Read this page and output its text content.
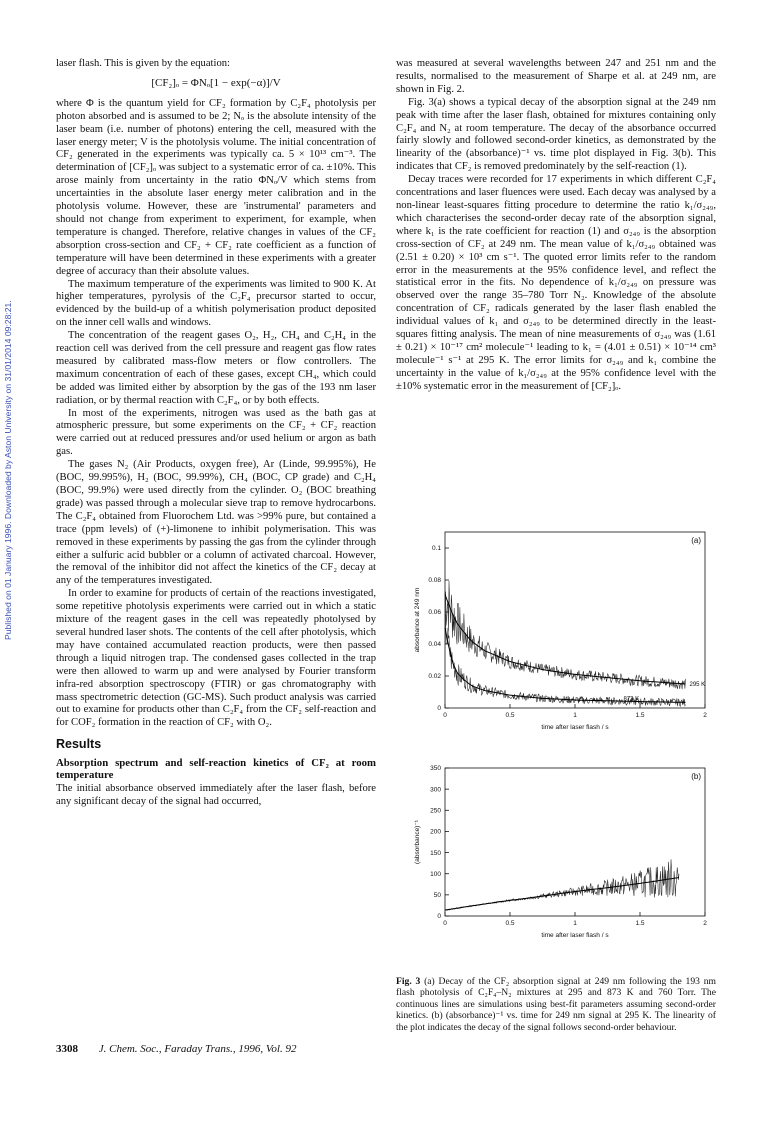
Published on 01 January 1996. Downloaded by Aston University on 31/01/2014 09:28:21.

laser flash. This is given by the equation:

[CF₂]ₒ = ΦNₒ[1 − exp(−α)]/V

where Φ is the quantum yield for CF₂ formation by C₂F₄ photolysis per photon absorbed and is assumed to be 2; Nₒ is the absolute intensity of the laser beam (i.e. number of photons) entering the cell, measured with the laser energy meter; V is the photolysis volume. The initial concentration of CF₂ generated in the experiments was typically ca. 5 × 10¹³ cm⁻³. The determination of [CF₂]ₒ was subject to a systematic error of ca. ±10%. This arose mainly from uncertainty in the ratio ΦNₒ/V which stems from uncertainties in the absolute laser energy meter calibration and in the photolysis volume. However, these are 'instrumental' parameters and should not change from experiment to experiment, for example, when temperature is changed. Therefore, relative changes in values of the CF₂ absorption cross-section and CF₂ + CF₂ rate coefficient as a function of temperature will have been determined in these experiments with a greater degree of accuracy than their absolute values.

The maximum temperature of the experiments was limited to 900 K. At higher temperatures, pyrolysis of the C₂F₄ precursor started to occur, evidenced by the build-up of a whitish polymerisation product deposited on the inner cell walls and windows.

The concentration of the reagent gases O₂, H₂, CH₄ and C₂H₄ in the reaction cell was derived from the cell pressure and reagent gas flow rates measured by calibrated mass-flow meters or flow controllers. The maximum concentration of each of these gases, except CH₄, which could be added was limited either by absorption by the gas of the 193 nm laser radiation, or by thermal reaction with C₂F₄, or by both effects.

In most of the experiments, nitrogen was used as the bath gas at atmospheric pressure, but some experiments on the CF₂ + CF₂ reaction were carried out at reduced pressures and/or used helium or argon as bath gas.

The gases N₂ (Air Products, oxygen free), Ar (Linde, 99.995%), He (BOC, 99.995%), H₂ (BOC, 99.99%), CH₄ (BOC, CP grade) and C₂H₄ (BOC, 99.9%) were used directly from the cylinder. O₂ (BOC breathing grade) was passed through a molecular sieve trap to remove hydrocarbons. The C₂F₄ obtained from Fluorochem Ltd. was >99% pure, but contained a trace (ppm levels) of (+)-limonene to inhibit polymerisation. This was removed in these experiments by passing the gas from the cylinder through either a sulfuric acid bubbler or a column of activated charcoal. However, the removal of the inhibitor did not affect the kinetics of the CF₂ decay at any of the temperatures investigated.

In order to examine for products of certain of the reactions investigated, some repetitive photolysis experiments were carried out in which a static mixture of the reagent gases in the cell was repeatedly photolysed by several hundred laser shots. The contents of the cell after photolysis, which may have contained accumulated reaction products, were then passed through a liquid nitrogen trap. The condensed gases collected in the trap were then allowed to warm up and were analysed by Fourier transform infra-red absorption spectroscopy (FTIR) or gas chromatography with mass spectrometric detection (GC-MS). Such product analysis was carried out to examine for products other than C₂F₄ from the CF₂ self-reaction and for COF₂ formation in the reaction of CF₂ with O₂.

Results
Absorption spectrum and self-reaction kinetics of CF₂ at room temperature

The initial absorbance observed immediately after the laser flash, before any significant decay of the signal had occurred,

was measured at several wavelengths between 247 and 251 nm and the results, normalised to the measurement of Sharpe et al. at 249 nm, are shown in Fig. 2.

Fig. 3(a) shows a typical decay of the absorption signal at the 249 nm peak with time after the laser flash, obtained for mixtures containing only C₂F₄ and N₂ at room temperature. The decay of the absorbance occurred fairly slowly and followed second-order kinetics, as demonstrated by the linearity of the (absorbance)⁻¹ vs. time plot displayed in Fig. 3(b). This indicates that CF₂ is removed predominately by the self-reaction (1).

Decay traces were recorded for 17 experiments in which different C₂F₄ concentrations and laser fluences were used. Each decay was analysed by a non-linear least-squares fitting procedure to determine the ratio k₁/σ₂₄₉, which characterises the second-order decay rate of the absorption signal, where k₁ is the rate coefficient for reaction (1) and σ₂₄₉ is the absorption cross-section of CF₂ at 249 nm. The mean value of k₁/σ₂₄₉ obtained was (2.51 ± 0.20) × 10³ cm s⁻¹. The quoted error limits refer to the random error in the measurements at the 95% confidence level, and reflect the statistical error in the fits. No dependence of k₁/σ₂₄₉ on pressure was observed over the range 35–780 Torr N₂. Knowledge of the absolute concentration of CF₂ radicals generated by the laser flash enabled the individual values of k₁ and σ₂₄₉ to be determined directly in the least-squares fitting analysis. The mean of nine measurements of σ₂₄₉ was (1.61 ± 0.21) × 10⁻¹⁷ cm² molecule⁻¹ leading to k₁ = (4.01 ± 0.51) × 10⁻¹⁴ cm³ molecule⁻¹ s⁻¹ at 295 K. The error limits for σ₂₄₉ and k₁ combine the uncertainty in the value of k₁/σ₂₄₉ at the 95% confidence level with the ±10% systematic error in the measurement of [CF₂]ₒ.

0	0.5	1	1.5	2
0
0.02
0.04
0.06
0.08
0.1
time after laser flash / s
absorbance at 249 nm
(a)
295 K
873 K
0	0.5	1	1.5	2
0
50
100
150
200
250
300
350
time after laser flash / s
(absorbance)⁻¹
(b)
Fig. 3 (a) Decay of the CF₂ absorption signal at 249 nm following the 193 nm flash photolysis of C₂F₄–N₂ mixtures at 295 and 873 K and 760 Torr. The continuous lines are simulations using best-fit parameters assuming second-order kinetics. (b) (absorbance)⁻¹ vs. time for 249 nm signal at 295 K. The linearity of the plot indicates the decay of the signal follows second-order behaviour.
3308 J. Chem. Soc., Faraday Trans., 1996, Vol. 92
